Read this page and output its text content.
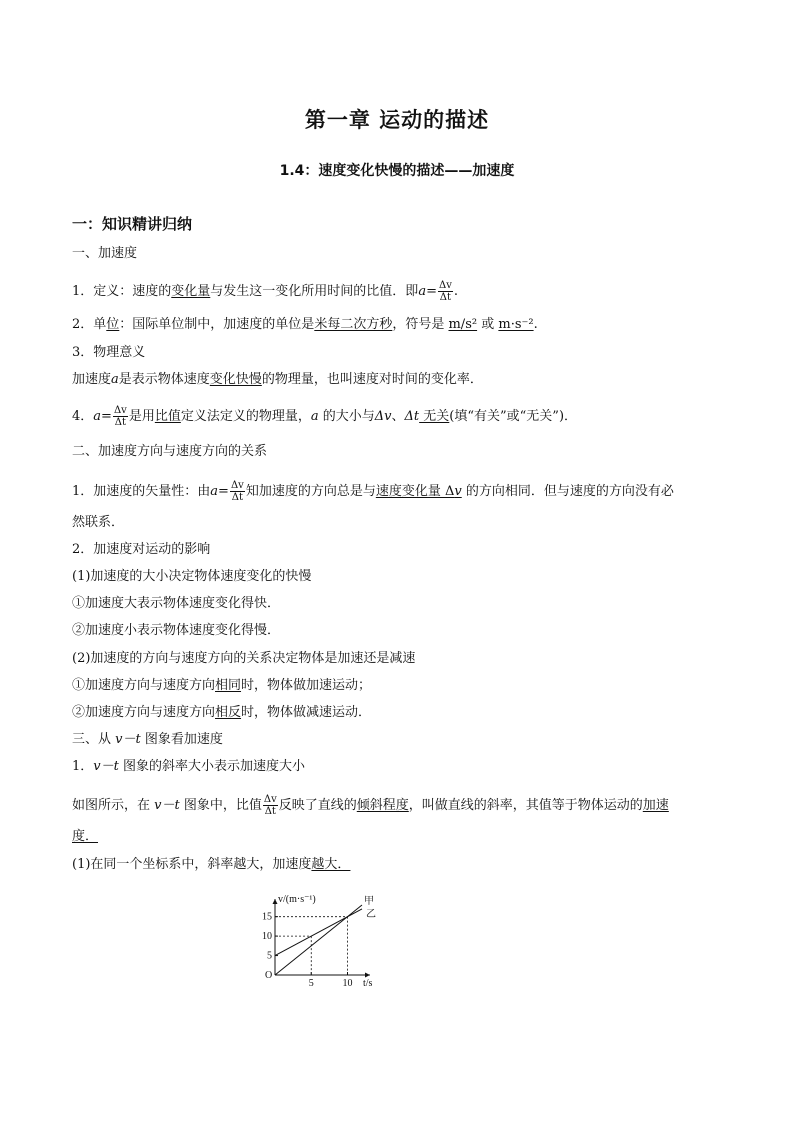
第一章 运动的描述
1.4：速度变化快慢的描述——加速度
一：知识精讲归纳
一、加速度
1．定义：速度的变化量与发生这一变化所用时间的比值．即$a= \frac{\Delta v}{\Delta t}$ .
2．单位：国际单位制中，加速度的单位是米每二次方秒，符号是 m/s² 或 m·s⁻².
3．物理意义
加速度a是表示物体速度变化快慢的物理量，也叫速度对时间的变化率．
4．$a= \frac{\Delta v}{\Delta t}$ 是用比值定义法定义的物理量，a 的大小与Δv、Δt 无关(填“有关”或“无关”)．
二、加速度方向与速度方向的关系
1．加速度的矢量性：由$a= \frac{\Delta v}{\Delta t}$ 知加速度的方向总是与速度变化量 Δv 的方向相同．但与速度的方向没有必
然联系．
2．加速度对运动的影响
(1)加速度的大小决定物体速度变化的快慢
①加速度大表示物体速度变化得快．
②加速度小表示物体速度变化得慢．
(2)加速度的方向与速度方向的关系决定物体是加速还是减速
①加速度方向与速度方向相同时，物体做加速运动；
②加速度方向与速度方向相反时，物体做减速运动．
三、从 v－t 图象看加速度
1．v－t 图象的斜率大小表示加速度大小
如图所示，在 v－t 图象中，比值 $\frac{\Delta v}{\Delta t}$ 反映了直线的倾斜程度，叫做直线的斜率，其值等于物体运动的加速
度．
(1)在同一个坐标系中，斜率越大，加速度越大．
v/(m·s⁻¹)
t/s
O
5	10
5
10
15
甲
乙
